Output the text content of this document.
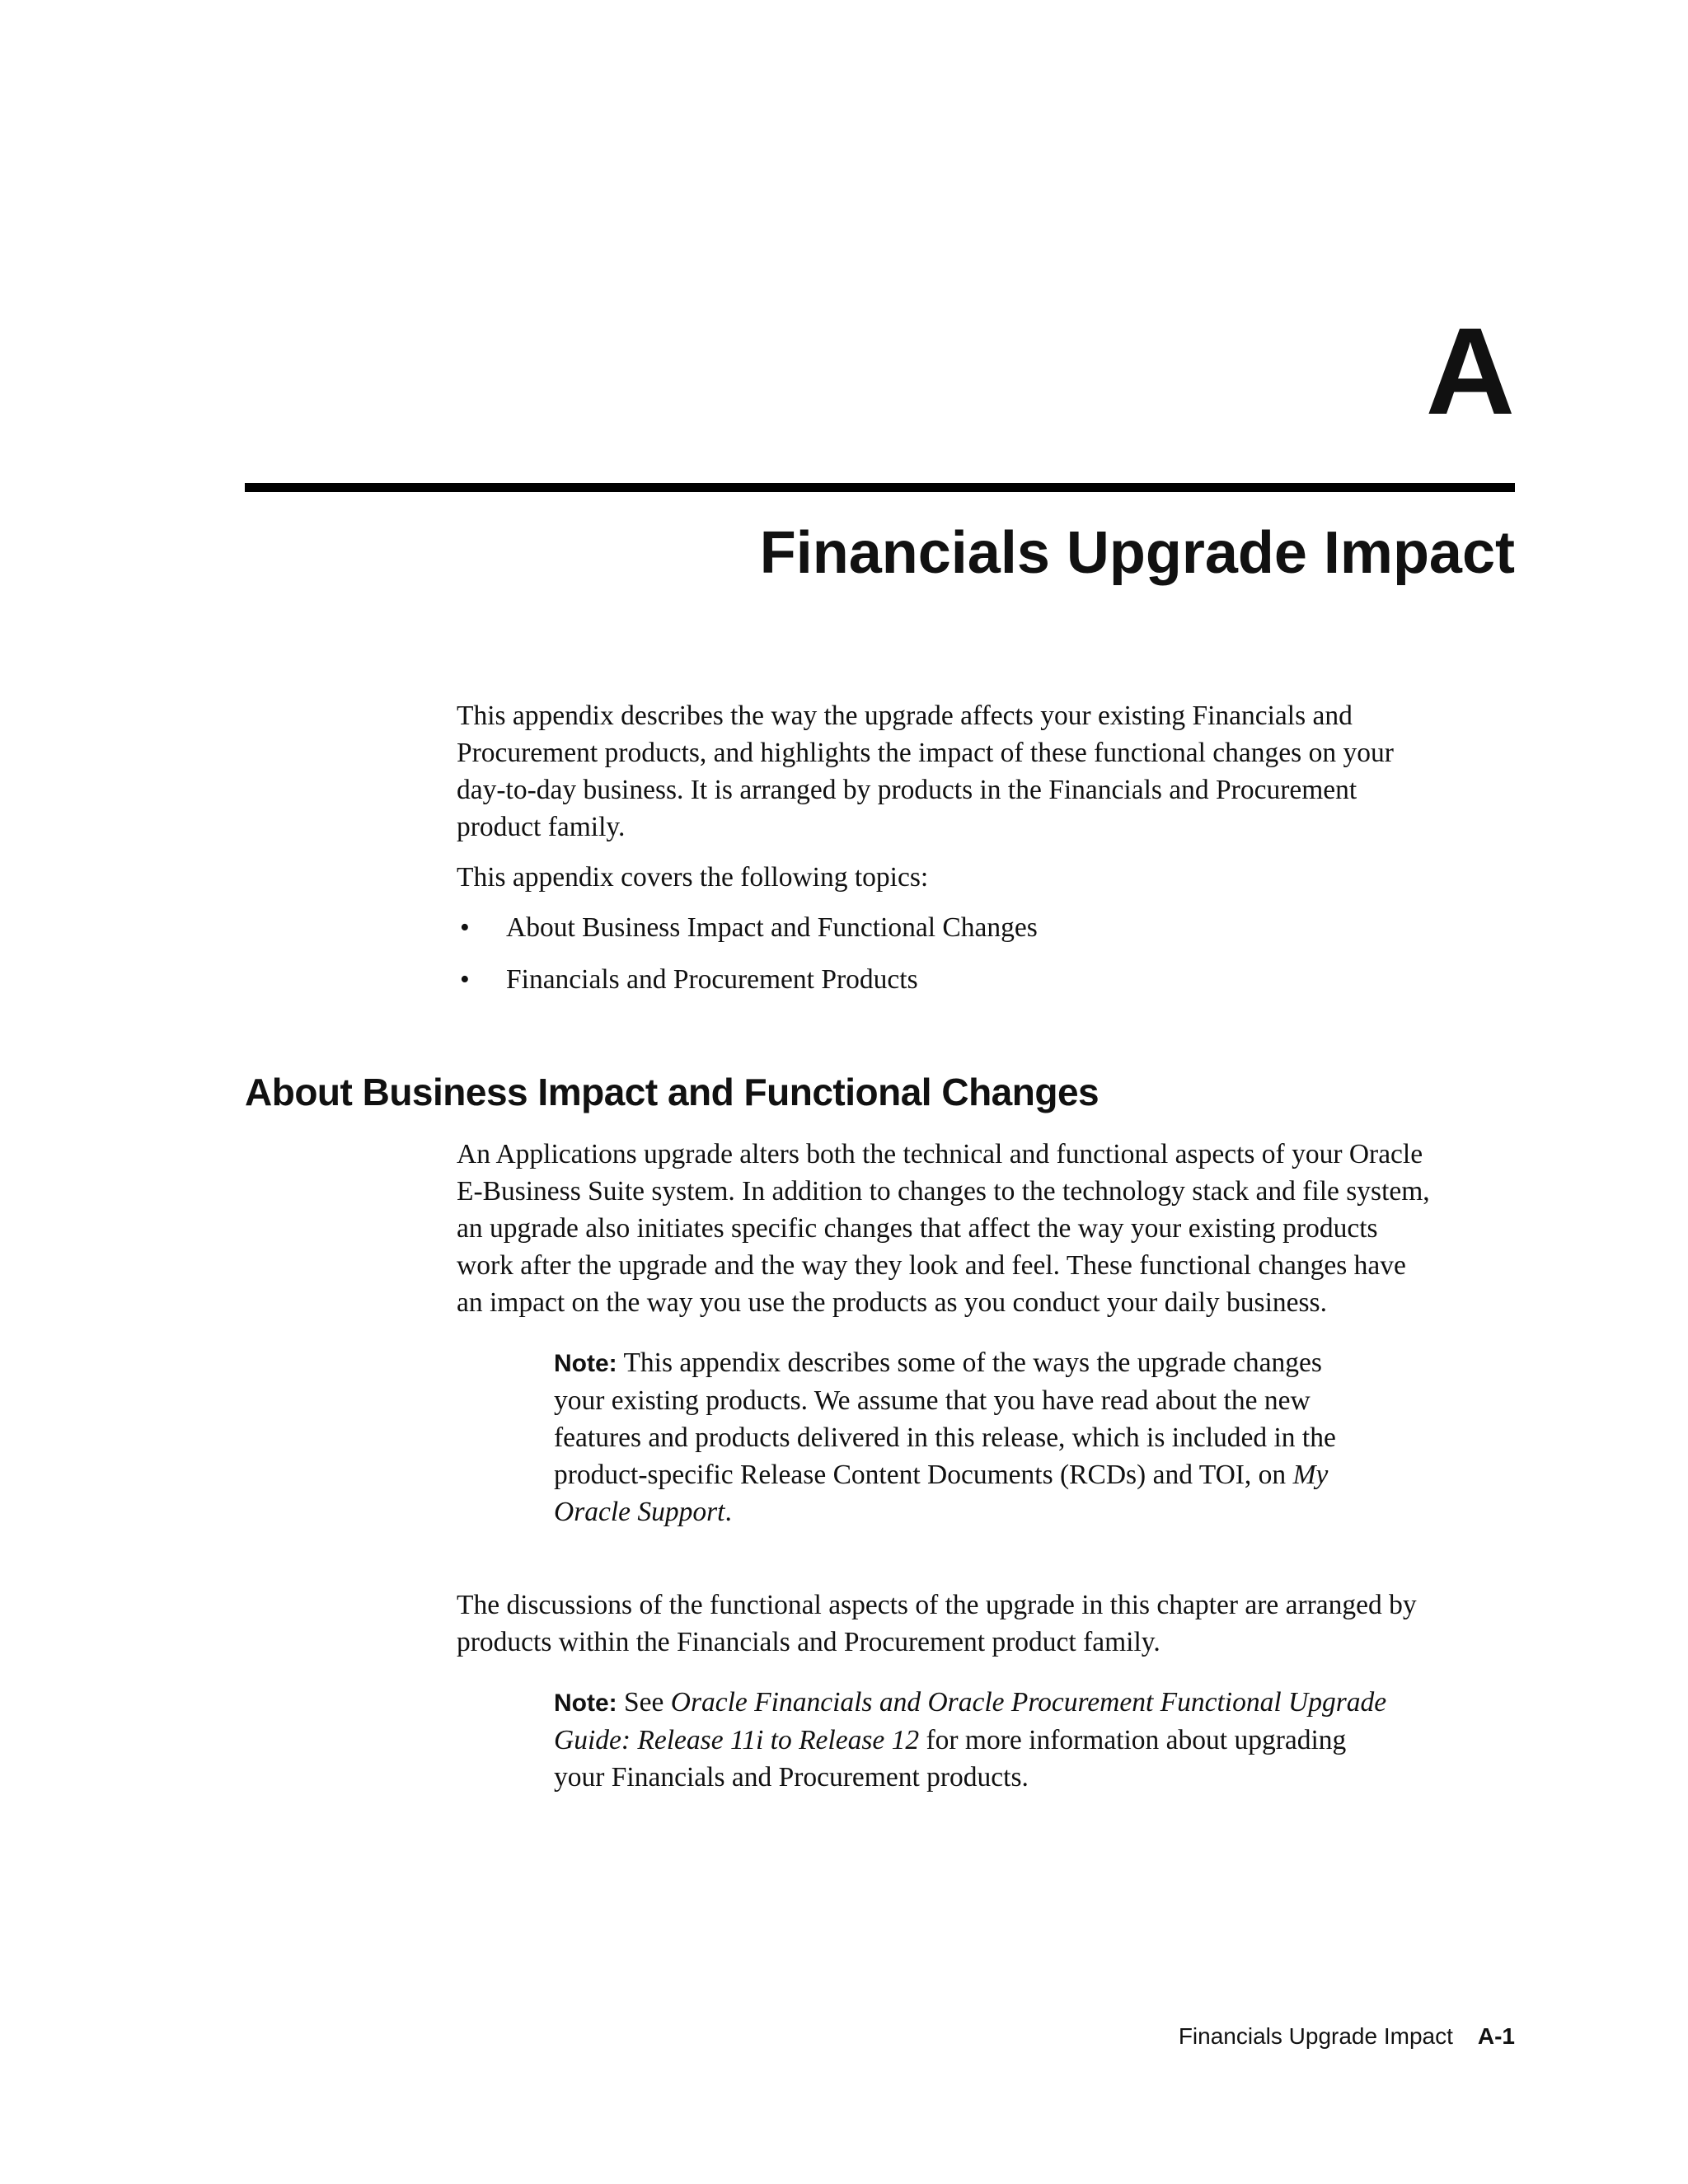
A
Financials Upgrade Impact

This appendix describes the way the upgrade affects your existing Financials and
Procurement products, and highlights the impact of these functional changes on your
day-to-day business. It is arranged by products in the Financials and Procurement
product family.

This appendix covers the following topics:

• About Business Impact and Functional Changes
• Financials and Procurement Products
About Business Impact and Functional Changes

An Applications upgrade alters both the technical and functional aspects of your Oracle
E-Business Suite system. In addition to changes to the technology stack and file system,
an upgrade also initiates specific changes that affect the way your existing products
work after the upgrade and the way they look and feel. These functional changes have
an impact on the way you use the products as you conduct your daily business.

Note: This appendix describes some of the ways the upgrade changes
your existing products. We assume that you have read about the new
features and products delivered in this release, which is included in the
product-specific Release Content Documents (RCDs) and TOI, on My
Oracle Support.

The discussions of the functional aspects of the upgrade in this chapter are arranged by
products within the Financials and Procurement product family.

Note: See Oracle Financials and Oracle Procurement Functional Upgrade
Guide: Release 11i to Release 12 for more information about upgrading
your Financials and Procurement products.
Financials Upgrade Impact A-1
